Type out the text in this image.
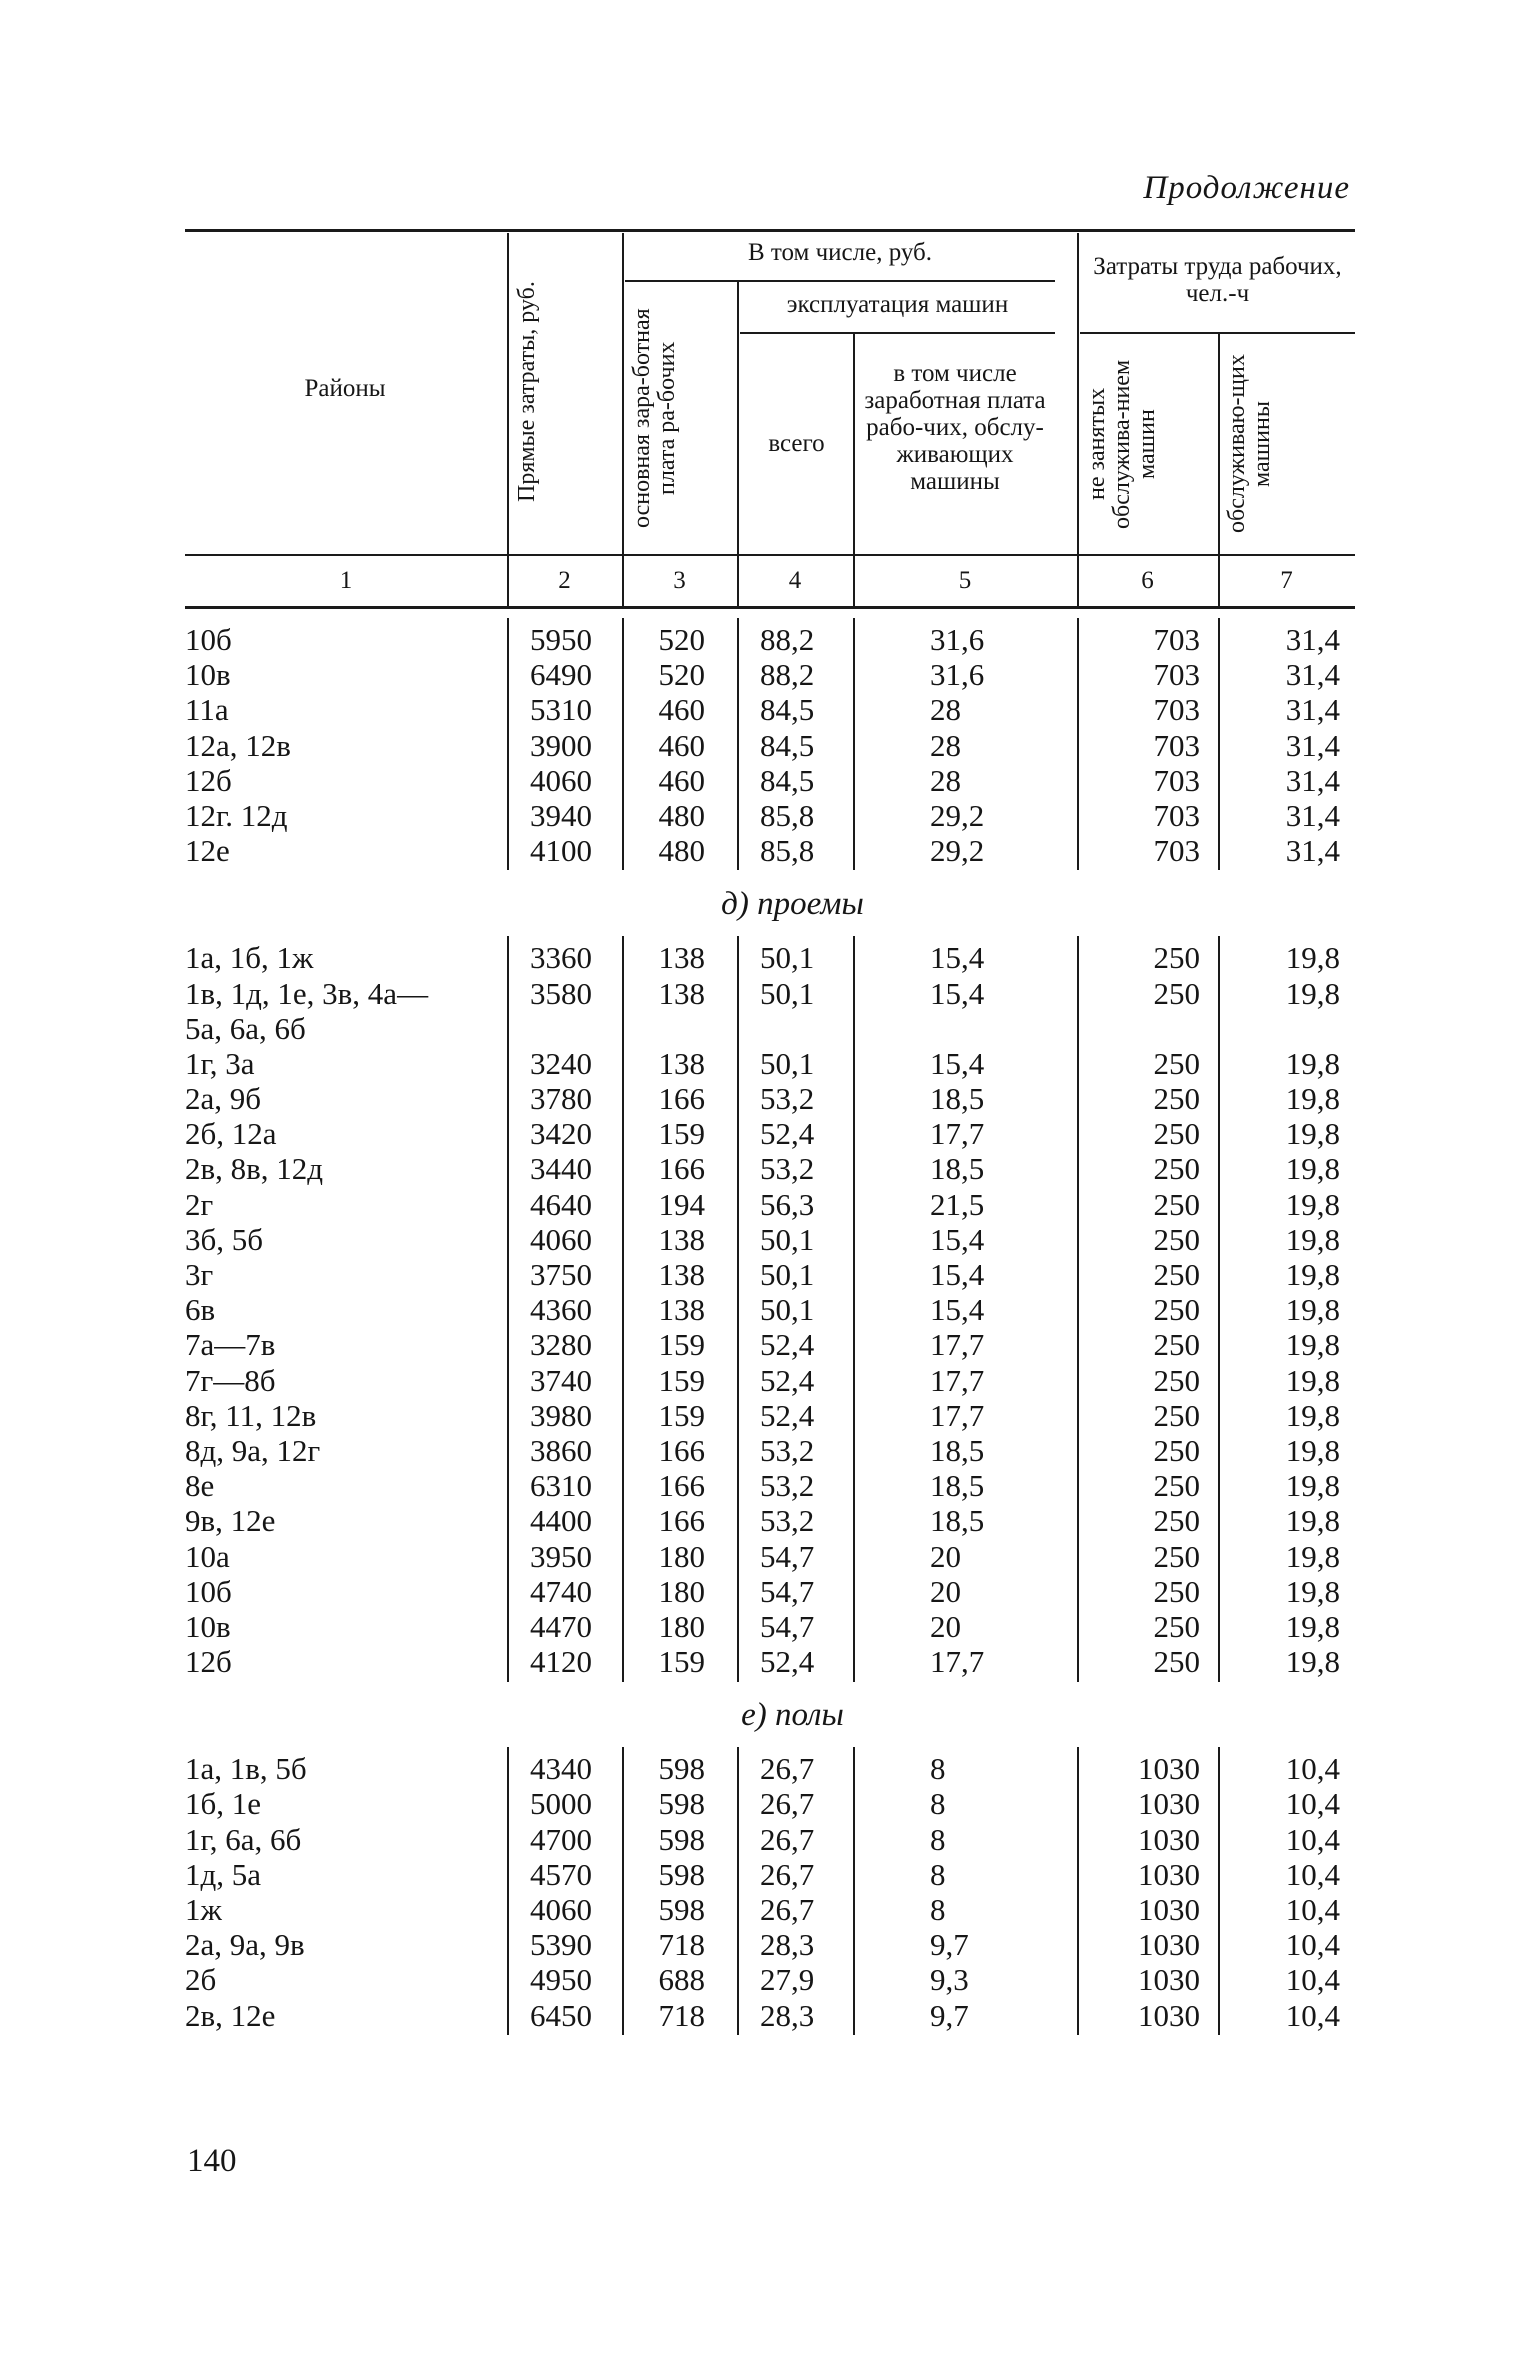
Продолжение
Районы	Прямые затраты, руб.
В том числе, руб.
основная зара-ботная плата ра-бочих
эксплуатация машин
всего
в том числе заработная плата рабо-чих, обслу-живающих машины
Затраты труда рабочих, чел.-ч
не занятых обслужива-нием машин	обслуживаю-щих машины
1	2	3	4	5	6	7
10б	5950 520 88,2	31,6	703	31,4
10в	6490 520 88,2	31,6	703	31,4
11а	5310 460 84,5	28	703	31,4
12а, 12в	3900 460 84,5	28	703	31,4
12б	4060 460 84,5	28	703	31,4
12г. 12д	3940 480 85,8	29,2	703	31,4
12е	4100 480 85,8	29,2	703	31,4
д) проемы
1а, 1б, 1ж	3360 138 50,1	15,4	250	19,8
1в, 1д, 1е, 3в, 4а—	3580 138 50,1	15,4	250	19,8
5а, 6а, 6б
1г, 3а	3240 138 50,1	15,4	250	19,8
2а, 9б	3780 166 53,2	18,5	250	19,8
2б, 12а	3420 159 52,4	17,7	250	19,8
2в, 8в, 12д	3440 166 53,2	18,5	250	19,8
2г	4640 194 56,3	21,5	250	19,8
3б, 5б	4060 138 50,1	15,4	250	19,8
3г	3750 138 50,1	15,4	250	19,8
6в	4360 138 50,1	15,4	250	19,8
7а—7в	3280 159 52,4	17,7	250	19,8
7г—8б	3740 159 52,4	17,7	250	19,8
8г, 11, 12в	3980 159 52,4	17,7	250	19,8
8д, 9а, 12г	3860 166 53,2	18,5	250	19,8
8е	6310 166 53,2	18,5	250	19,8
9в, 12е	4400 166 53,2	18,5	250	19,8
10а	3950 180 54,7	20	250	19,8
10б	4740 180 54,7	20	250	19,8
10в	4470 180 54,7	20	250	19,8
12б	4120 159 52,4	17,7	250	19,8
е) полы
1а, 1в, 5б	4340 598 26,7	8	1030	10,4
1б, 1е	5000 598 26,7	8	1030	10,4
1г, 6а, 6б	4700 598 26,7	8	1030	10,4
1д, 5а	4570 598 26,7	8	1030	10,4
1ж	4060 598 26,7	8	1030	10,4
2а, 9а, 9в	5390 718 28,3	9,7	1030	10,4
2б	4950 688 27,9	9,3	1030	10,4
2в, 12е	6450 718 28,3	9,7	1030	10,4
140
